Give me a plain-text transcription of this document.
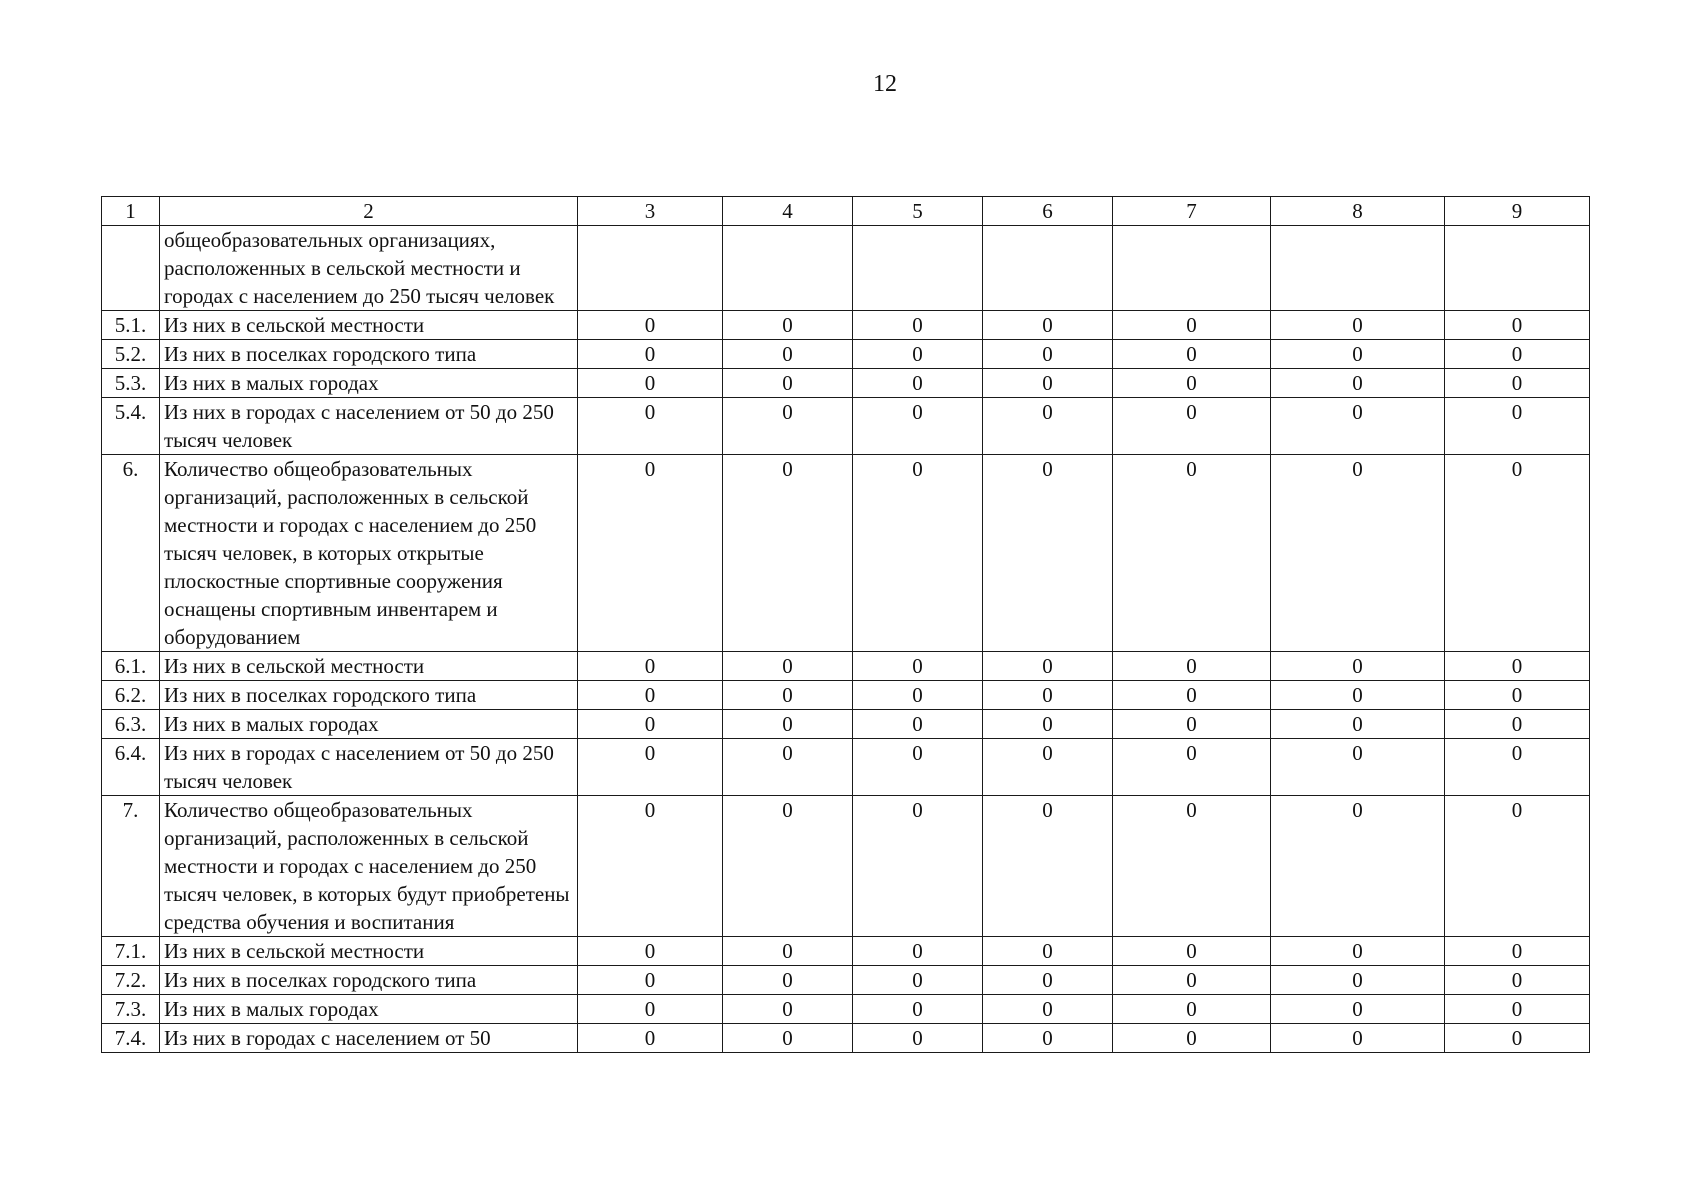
12
1	2	3	4	5	6	7	8	9
	общеобразовательных организациях, расположенных в сельской местности и городах с населением до 250 тысяч человек							
5.1.	Из них в сельской местности	0	0	0	0	0	0	0
5.2.	Из них в поселках городского типа	0	0	0	0	0	0	0
5.3.	Из них в малых городах	0	0	0	0	0	0	0
5.4.	Из них в городах с населением от 50 до 250 тысяч человек	0	0	0	0	0	0	0
6.	Количество общеобразовательных организаций, расположенных в сельской местности и городах с населением до 250 тысяч человек, в которых открытые плоскостные спортивные сооружения оснащены спортивным инвентарем и оборудованием	0	0	0	0	0	0	0
6.1.	Из них в сельской местности	0	0	0	0	0	0	0
6.2.	Из них в поселках городского типа	0	0	0	0	0	0	0
6.3.	Из них в малых городах	0	0	0	0	0	0	0
6.4.	Из них в городах с населением от 50 до 250 тысяч человек	0	0	0	0	0	0	0
7.	Количество общеобразовательных организаций, расположенных в сельской местности и городах с населением до 250 тысяч человек, в которых будут приобретены средства обучения и воспитания	0	0	0	0	0	0	0
7.1.	Из них в сельской местности	0	0	0	0	0	0	0
7.2.	Из них в поселках городского типа	0	0	0	0	0	0	0
7.3.	Из них в малых городах	0	0	0	0	0	0	0
7.4.	Из них в городах с населением от 50	0	0	0	0	0	0	0
